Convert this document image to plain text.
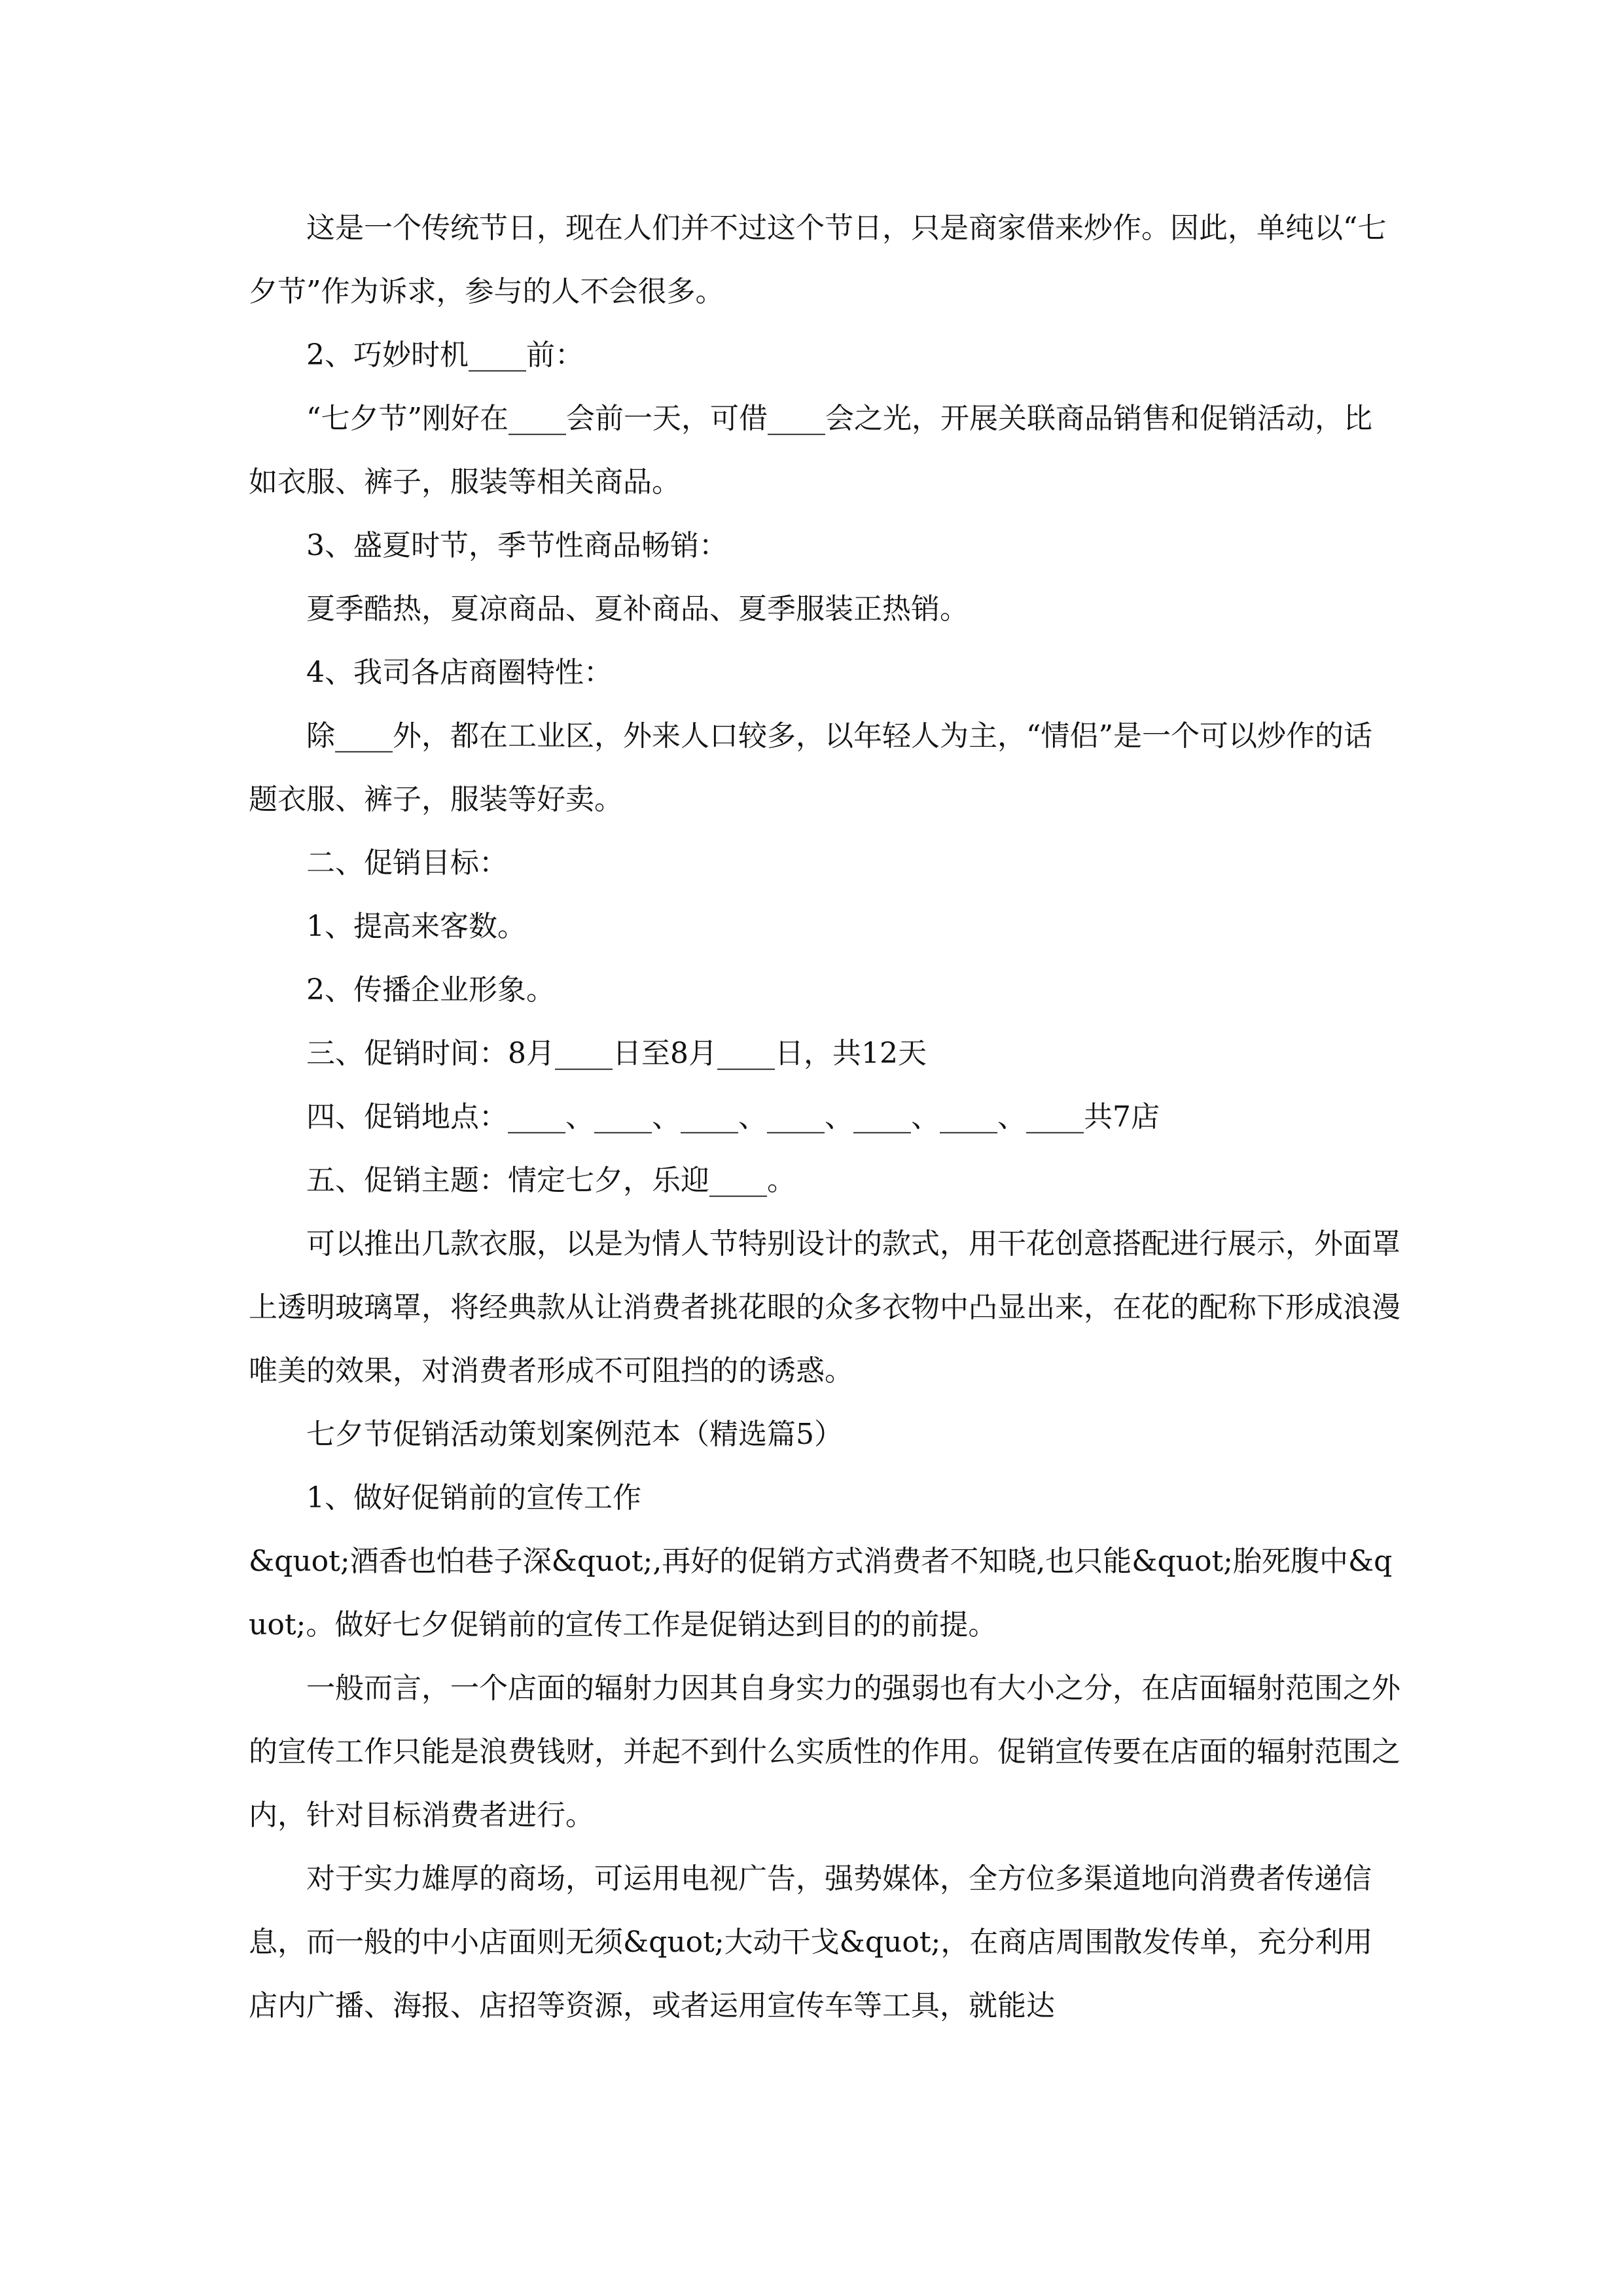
这是一个传统节日，现在人们并不过这个节日，只是商家借来炒作。因此，单纯以“七夕节”作为诉求，参与的人不会很多。

2、巧妙时机____前：

“七夕节”刚好在____会前一天，可借____会之光，开展关联商品销售和促销活动，比如衣服、裤子，服装等相关商品。

3、盛夏时节，季节性商品畅销：

夏季酷热，夏凉商品、夏补商品、夏季服装正热销。

4、我司各店商圈特性：

除____外，都在工业区，外来人口较多，以年轻人为主，“情侣”是一个可以炒作的话题衣服、裤子，服装等好卖。

二、促销目标：

1、提高来客数。

2、传播企业形象。

三、促销时间：8月____日至8月____日，共12天

四、促销地点：____、____、____、____、____、____、____共7店

五、促销主题：情定七夕，乐迎____。

可以推出几款衣服，以是为情人节特别设计的款式，用干花创意搭配进行展示，外面罩上透明玻璃罩，将经典款从让消费者挑花眼的众多衣物中凸显出来，在花的配称下形成浪漫唯美的效果，对消费者形成不可阻挡的的诱惑。

七夕节促销活动策划案例范本（精选篇5）

1、做好促销前的宣传工作

&quot;酒香也怕巷子深&quot;,再好的促销方式消费者不知晓,也只能&quot;胎死腹中&quot;。做好七夕促销前的宣传工作是促销达到目的的前提。

一般而言，一个店面的辐射力因其自身实力的强弱也有大小之分，在店面辐射范围之外的宣传工作只能是浪费钱财，并起不到什么实质性的作用。促销宣传要在店面的辐射范围之内，针对目标消费者进行。

对于实力雄厚的商场，可运用电视广告，强势媒体，全方位多渠道地向消费者传递信息，而一般的中小店面则无须&quot;大动干戈&quot;，在商店周围散发传单，充分利用店内广播、海报、店招等资源，或者运用宣传车等工具，就能达
